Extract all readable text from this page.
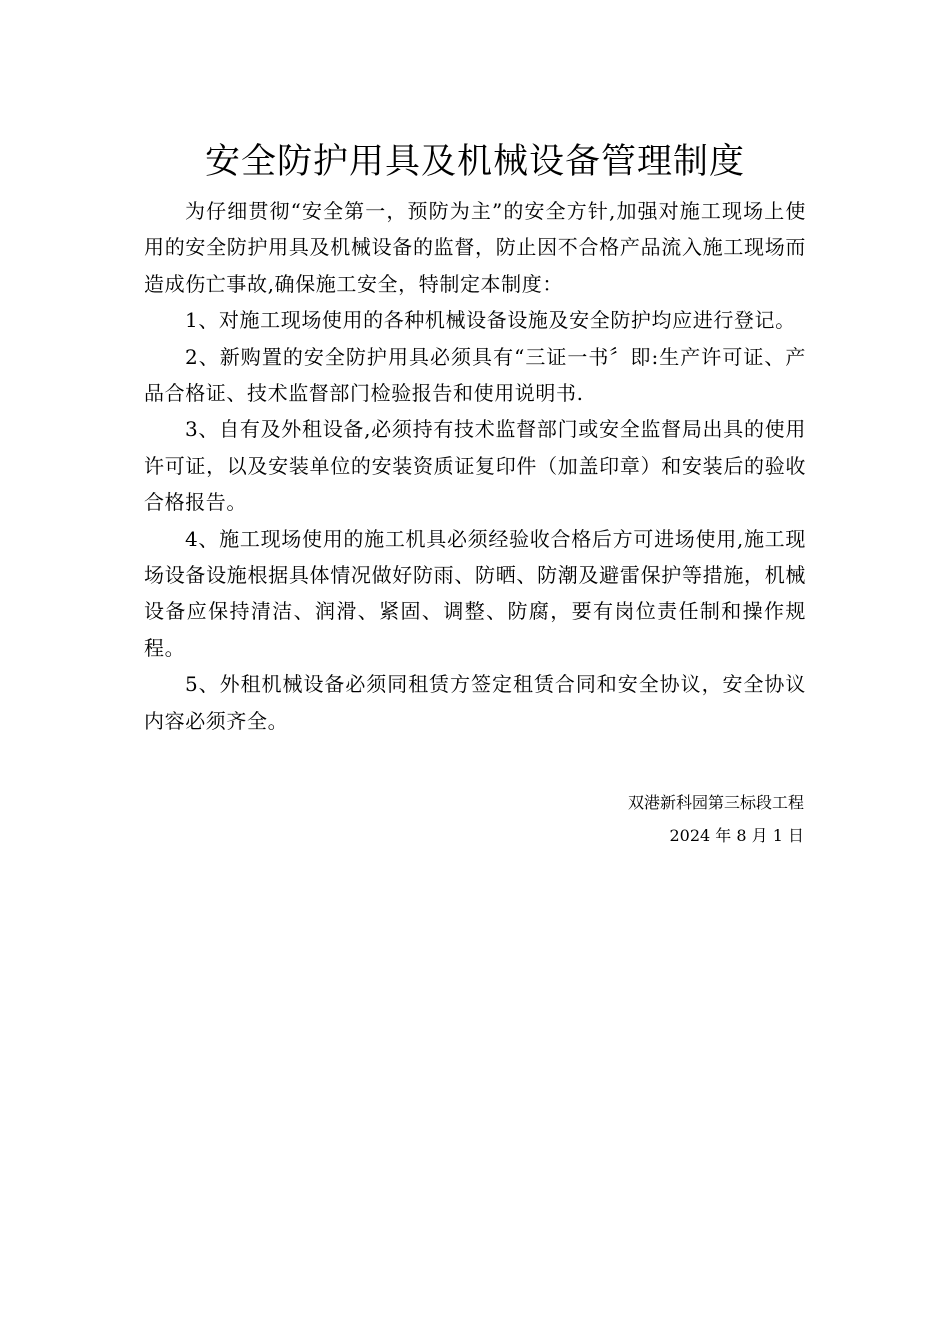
安全防护用具及机械设备管理制度

为仔细贯彻“安全第一，预防为主”的安全方针,加强对施工现场上使用的安全防护用具及机械设备的监督，防止因不合格产品流入施工现场而造成伤亡事故,确保施工安全，特制定本制度：

1、对施工现场使用的各种机械设备设施及安全防护均应进行登记。

2、新购置的安全防护用具必须具有“三证一书〞即:生产许可证、产品合格证、技术监督部门检验报告和使用说明书.

3、自有及外租设备,必须持有技术监督部门或安全监督局出具的使用许可证，以及安装单位的安装资质证复印件（加盖印章）和安装后的验收合格报告。

4、施工现场使用的施工机具必须经验收合格后方可进场使用,施工现场设备设施根据具体情况做好防雨、防晒、防潮及避雷保护等措施，机械设备应保持清洁、润滑、紧固、调整、防腐，要有岗位责任制和操作规程。

5、外租机械设备必须同租赁方签定租赁合同和安全协议，安全协议内容必须齐全。

双港新科园第三标段工程
2024 年 8 月 1 日
